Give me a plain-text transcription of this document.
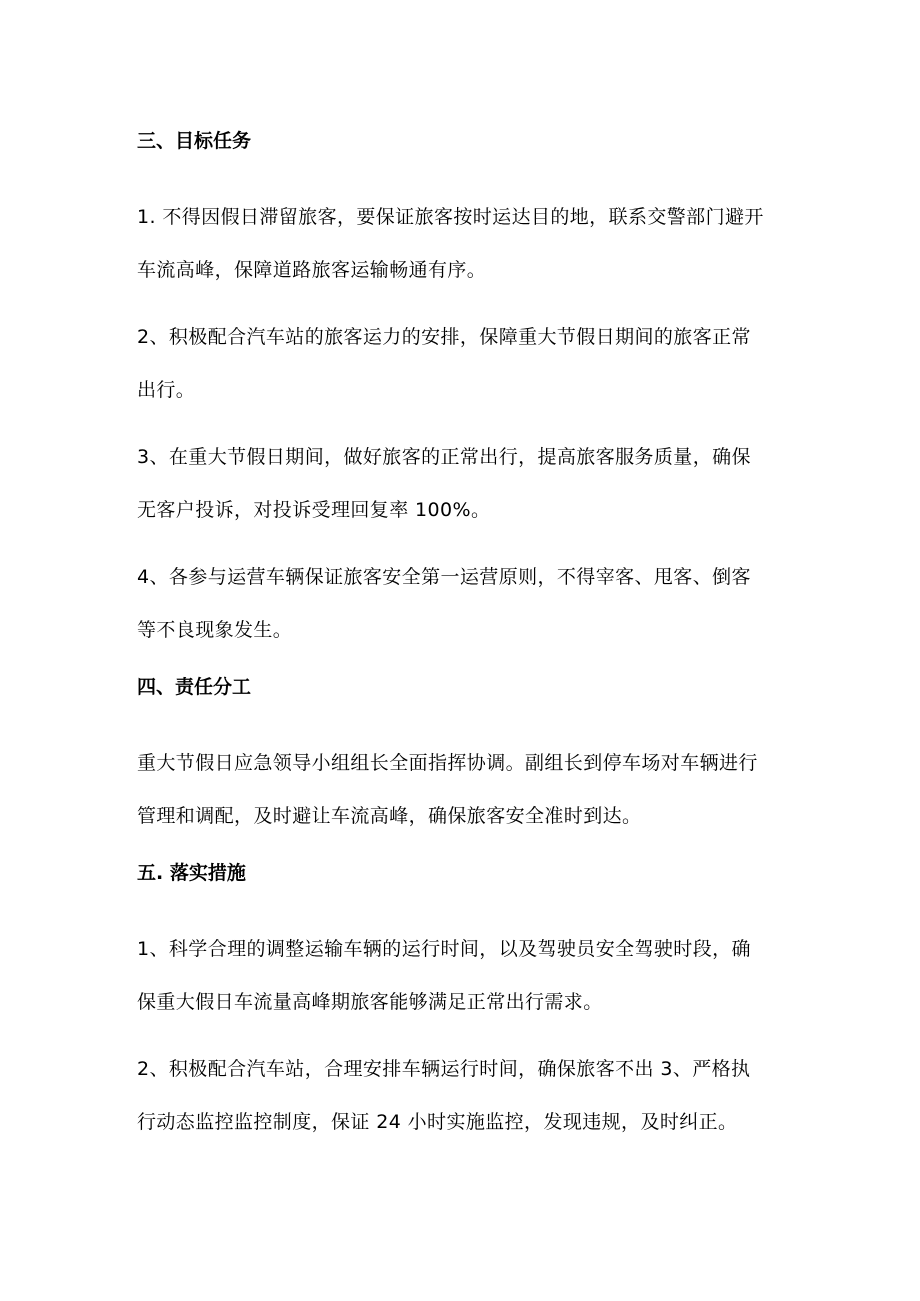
三、目标任务
1. 不得因假日滞留旅客，要保证旅客按时运达目的地，联系交警部门避开
车流高峰，保障道路旅客运输畅通有序。
2、积极配合汽车站的旅客运力的安排，保障重大节假日期间的旅客正常
出行。
3、在重大节假日期间，做好旅客的正常出行，提高旅客服务质量，确保
无客户投诉，对投诉受理回复率 100%。
4、各参与运营车辆保证旅客安全第一运营原则，不得宰客、甩客、倒客
等不良现象发生。
四、责任分工
重大节假日应急领导小组组长全面指挥协调。副组长到停车场对车辆进行
管理和调配，及时避让车流高峰，确保旅客安全准时到达。
五. 落实措施
1、科学合理的调整运输车辆的运行时间，以及驾驶员安全驾驶时段，确
保重大假日车流量高峰期旅客能够满足正常出行需求。
2、积极配合汽车站，合理安排车辆运行时间，确保旅客不出 3、严格执
行动态监控监控制度，保证 24 小时实施监控，发现违规，及时纠正。
